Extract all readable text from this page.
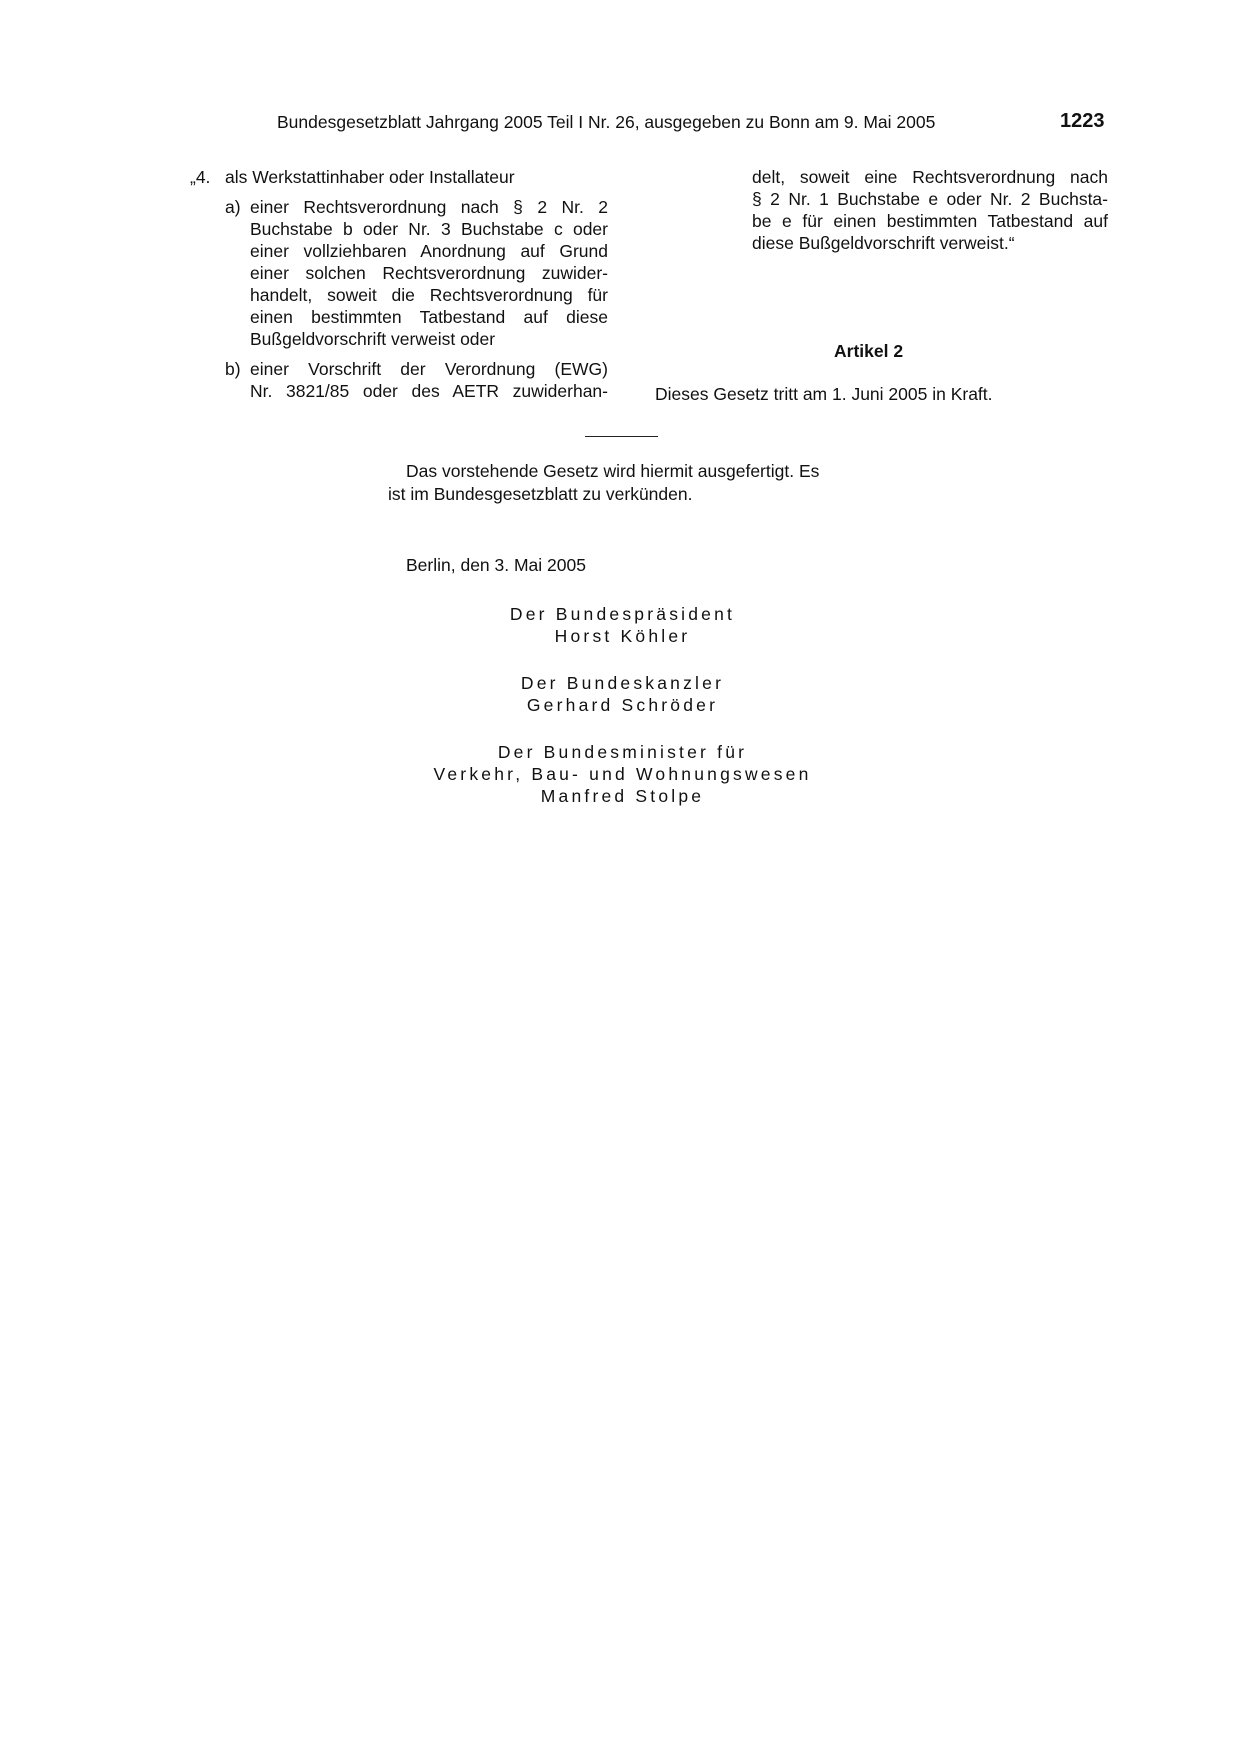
Bundesgesetzblatt Jahrgang 2005 Teil I Nr. 26, ausgegeben zu Bonn am 9. Mai 2005	1223
„4. als Werkstattinhaber oder Installateur
a) einer Rechtsverordnung nach § 2 Nr. 2
Buchstabe b oder Nr. 3 Buchstabe c oder
einer vollziehbaren Anordnung auf Grund
einer solchen Rechtsverordnung zuwider-
handelt, soweit die Rechtsverordnung für
einen bestimmten Tatbestand auf diese
Bußgeldvorschrift verweist oder
b) einer Vorschrift der Verordnung (EWG)
Nr. 3821/85 oder des AETR zuwiderhan-
delt, soweit eine Rechtsverordnung nach
§ 2 Nr. 1 Buchstabe e oder Nr. 2 Buchsta-
be e für einen bestimmten Tatbestand auf
diese Bußgeldvorschrift verweist.“
Artikel 2
Dieses Gesetz tritt am 1. Juni 2005 in Kraft.
Das vorstehende Gesetz wird hiermit ausgefertigt. Es
ist im Bundesgesetzblatt zu verkünden.
Berlin, den 3. Mai 2005
Der Bundespräsident
Horst Köhler
Der Bundeskanzler
Gerhard Schröder
Der Bundesminister für
Verkehr, Bau- und Wohnungswesen
Manfred Stolpe
